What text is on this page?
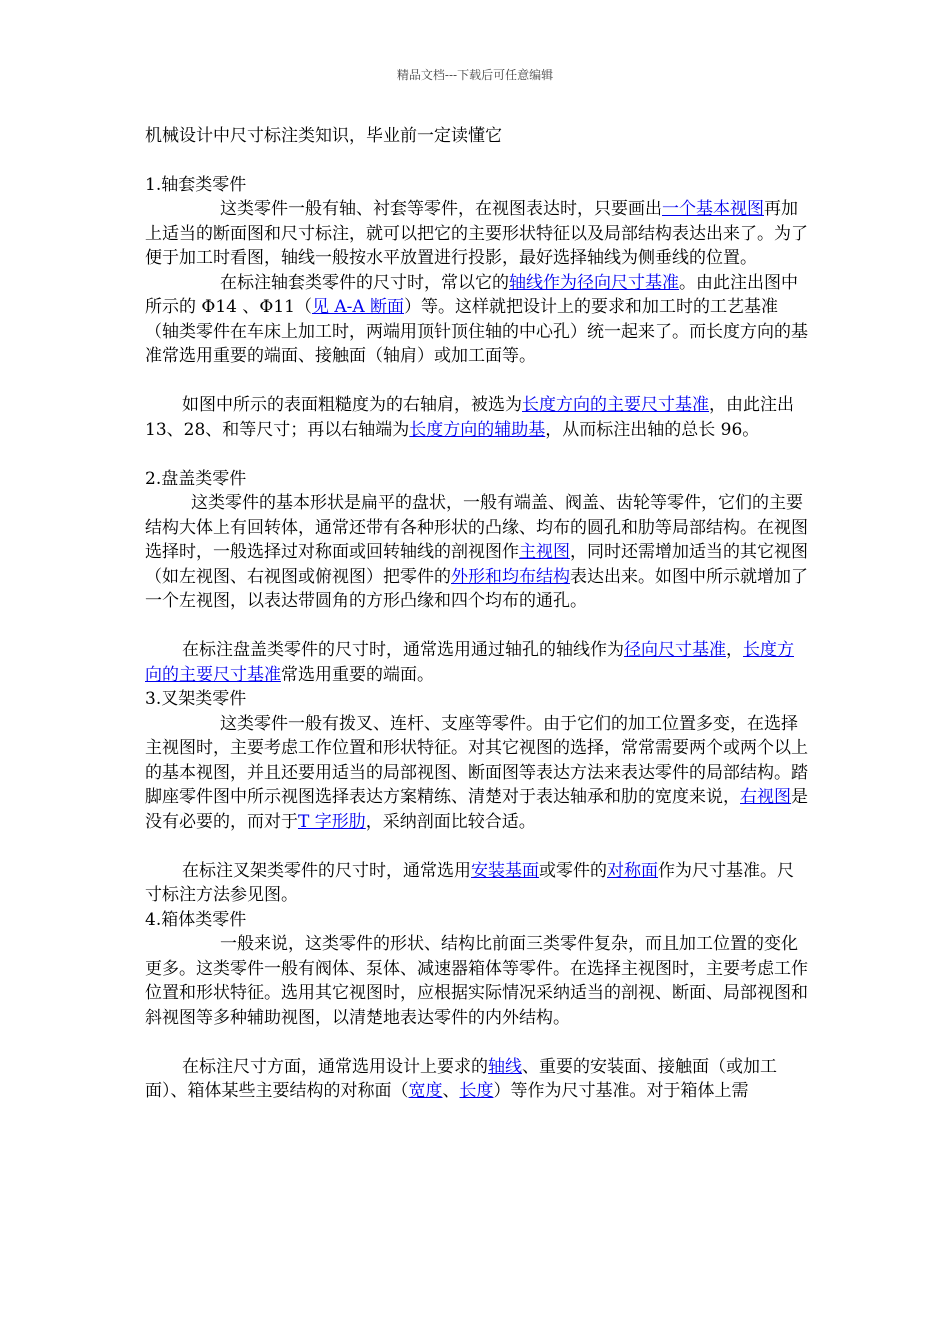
精品文档---下载后可任意编辑

机械设计中尺寸标注类知识，毕业前一定读懂它

1.轴套类零件

这类零件一般有轴、衬套等零件，在视图表达时，只要画出一个基本视图再加上适当的断面图和尺寸标注，就可以把它的主要形状特征以及局部结构表达出来了。为了便于加工时看图，轴线一般按水平放置进行投影，最好选择轴线为侧垂线的位置。

在标注轴套类零件的尺寸时，常以它的轴线作为径向尺寸基准。由此注出图中所示的 Φ14 、Φ11（见 A-A 断面）等。这样就把设计上的要求和加工时的工艺基准（轴类零件在车床上加工时，两端用顶针顶住轴的中心孔）统一起来了。而长度方向的基准常选用重要的端面、接触面（轴肩）或加工面等。

如图中所示的表面粗糙度为的右轴肩，被选为长度方向的主要尺寸基准，由此注出 13、28、和等尺寸；再以右轴端为长度方向的辅助基，从而标注出轴的总长 96。

2.盘盖类零件

这类零件的基本形状是扁平的盘状，一般有端盖、阀盖、齿轮等零件，它们的主要结构大体上有回转体，通常还带有各种形状的凸缘、均布的圆孔和肋等局部结构。在视图选择时，一般选择过对称面或回转轴线的剖视图作主视图，同时还需增加适当的其它视图（如左视图、右视图或俯视图）把零件的外形和均布结构表达出来。如图中所示就增加了一个左视图，以表达带圆角的方形凸缘和四个均布的通孔。

在标注盘盖类零件的尺寸时，通常选用通过轴孔的轴线作为径向尺寸基准，长度方向的主要尺寸基准常选用重要的端面。

3.叉架类零件

这类零件一般有拨叉、连杆、支座等零件。由于它们的加工位置多变，在选择主视图时，主要考虑工作位置和形状特征。对其它视图的选择，常常需要两个或两个以上的基本视图，并且还要用适当的局部视图、断面图等表达方法来表达零件的局部结构。踏脚座零件图中所示视图选择表达方案精练、清楚对于表达轴承和肋的宽度来说，右视图是没有必要的，而对于T 字形肋，采纳剖面比较合适。

在标注叉架类零件的尺寸时，通常选用安装基面或零件的对称面作为尺寸基准。尺寸标注方法参见图。

4.箱体类零件

一般来说，这类零件的形状、结构比前面三类零件复杂，而且加工位置的变化更多。这类零件一般有阀体、泵体、减速器箱体等零件。在选择主视图时，主要考虑工作位置和形状特征。选用其它视图时，应根据实际情况采纳适当的剖视、断面、局部视图和斜视图等多种辅助视图，以清楚地表达零件的内外结构。

在标注尺寸方面，通常选用设计上要求的轴线、重要的安装面、接触面（或加工面）、箱体某些主要结构的对称面（宽度、长度）等作为尺寸基准。对于箱体上需
